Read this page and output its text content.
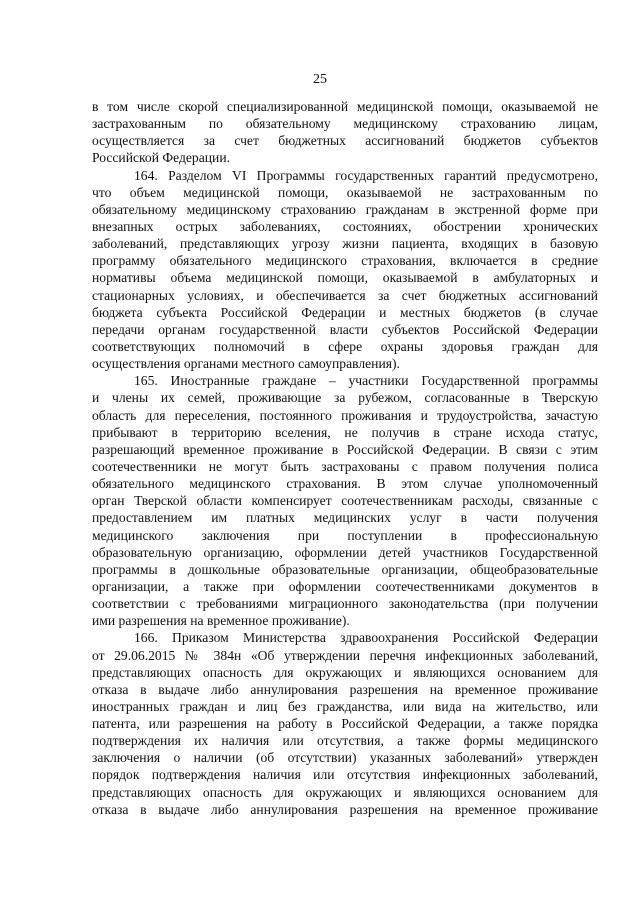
25
в том числе скорой специализированной медицинской помощи, оказываемой не
застрахованным по обязательному медицинскому страхованию лицам,
осуществляется за счет бюджетных ассигнований бюджетов субъектов
Российской Федерации.
164. Разделом VI Программы государственных гарантий предусмотрено,
что объем медицинской помощи, оказываемой не застрахованным по
обязательному медицинскому страхованию гражданам в экстренной форме при
внезапных острых заболеваниях, состояниях, обострении хронических
заболеваний, представляющих угрозу жизни пациента, входящих в базовую
программу обязательного медицинского страхования, включается в средние
нормативы объема медицинской помощи, оказываемой в амбулаторных и
стационарных условиях, и обеспечивается за счет бюджетных ассигнований
бюджета субъекта Российской Федерации и местных бюджетов (в случае
передачи органам государственной власти субъектов Российской Федерации
соответствующих полномочий в сфере охраны здоровья граждан для
осуществления органами местного самоуправления).
165. Иностранные граждане – участники Государственной программы
и члены их семей, проживающие за рубежом, согласованные в Тверскую
область для переселения, постоянного проживания и трудоустройства, зачастую
прибывают в территорию вселения, не получив в стране исхода статус,
разрешающий временное проживание в Российской Федерации. В связи с этим
соотечественники не могут быть застрахованы с правом получения полиса
обязательного медицинского страхования. В этом случае уполномоченный
орган Тверской области компенсирует соотечественникам расходы, связанные с
предоставлением им платных медицинских услуг в части получения
медицинского заключения при поступлении в профессиональную
образовательную организацию, оформлении детей участников Государственной
программы в дошкольные образовательные организации, общеобразовательные
организации, а также при оформлении соотечественниками документов в
соответствии с требованиями миграционного законодательства (при получении
ими разрешения на временное проживание).
166. Приказом Министерства здравоохранения Российской Федерации
от 29.06.2015 № 384н «Об утверждении перечня инфекционных заболеваний,
представляющих опасность для окружающих и являющихся основанием для
отказа в выдаче либо аннулирования разрешения на временное проживание
иностранных граждан и лиц без гражданства, или вида на жительство, или
патента, или разрешения на работу в Российской Федерации, а также порядка
подтверждения их наличия или отсутствия, а также формы медицинского
заключения о наличии (об отсутствии) указанных заболеваний» утвержден
порядок подтверждения наличия или отсутствия инфекционных заболеваний,
представляющих опасность для окружающих и являющихся основанием для
отказа в выдаче либо аннулирования разрешения на временное проживание
